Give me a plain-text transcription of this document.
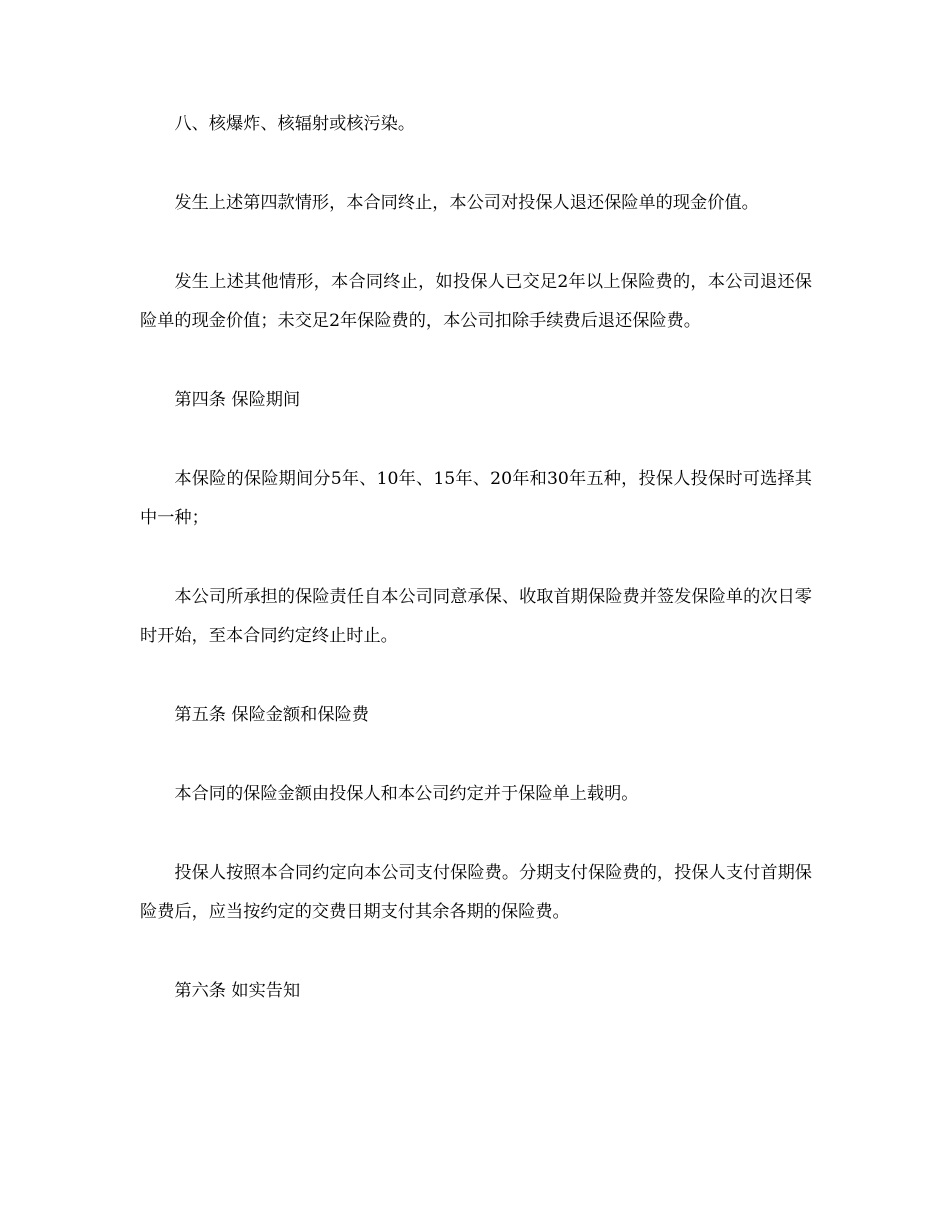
八、核爆炸、核辐射或核污染。

发生上述第四款情形，本合同终止，本公司对投保人退还保险单的现金价值。

发生上述其他情形，本合同终止，如投保人已交足2年以上保险费的，本公司退还保险单的现金价值；未交足2年保险费的，本公司扣除手续费后退还保险费。

第四条 保险期间

本保险的保险期间分5年、10年、15年、20年和30年五种，投保人投保时可选择其中一种；

本公司所承担的保险责任自本公司同意承保、收取首期保险费并签发保险单的次日零时开始，至本合同约定终止时止。

第五条 保险金额和保险费

本合同的保险金额由投保人和本公司约定并于保险单上载明。

投保人按照本合同约定向本公司支付保险费。分期支付保险费的，投保人支付首期保险费后，应当按约定的交费日期支付其余各期的保险费。

第六条 如实告知
